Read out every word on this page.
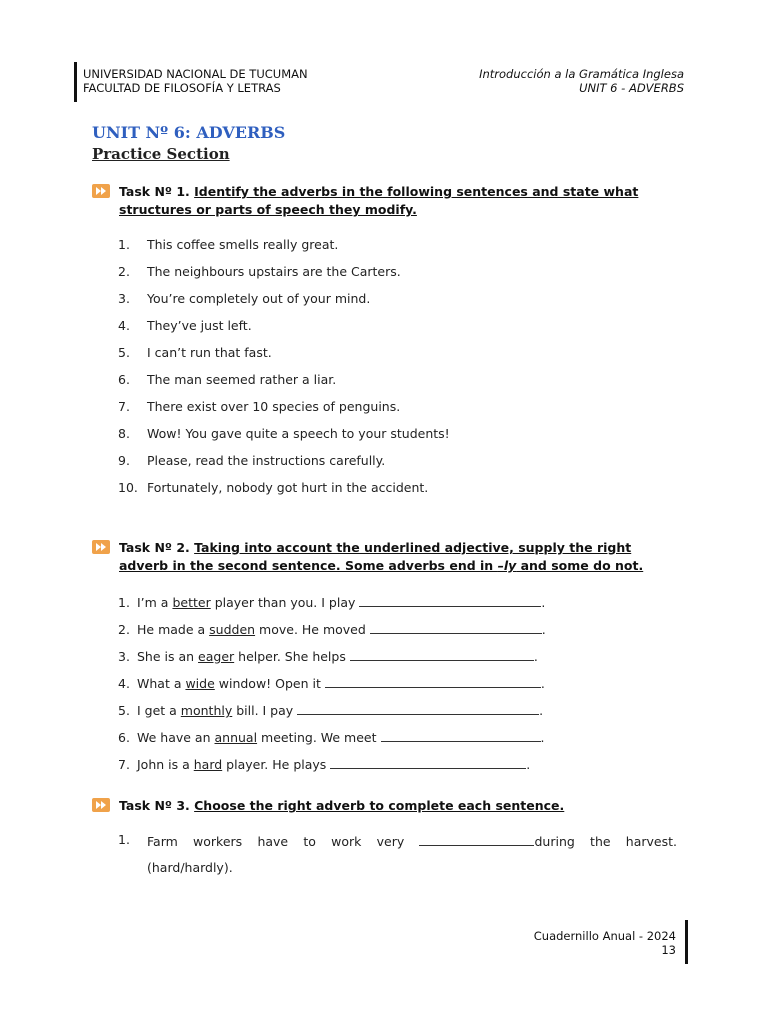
UNIVERSIDAD NACIONAL DE TUCUMAN
FACULTAD DE FILOSOFÍA Y LETRAS
Introducción a la Gramática Inglesa
UNIT 6 - ADVERBS
UNIT Nº 6: ADVERBS
Practice Section
Task Nº 1. Identify the adverbs in the following sentences and state what structures or parts of speech they modify.
1.	This coffee smells really great.
2.	The neighbours upstairs are the Carters.
3.	You’re completely out of your mind.
4.	They’ve just left.
5.	I can’t run that fast.
6.	The man seemed rather a liar.
7.	There exist over 10 species of penguins.
8.	Wow! You gave quite a speech to your students!
9.	Please, read the instructions carefully.
10. Fortunately, nobody got hurt in the accident.
Task Nº 2. Taking into account the underlined adjective, supply the right adverb in the second sentence. Some adverbs end in –ly and some do not.
1. I’m a better player than you. I play	.
2. He made a sudden move. He moved	.
3. She is an eager helper. She helps	.
4. What a wide window! Open it	.
5. I get a monthly bill. I pay	.
6. We have an annual meeting. We meet	.
7. John is a hard player. He plays	.
Task Nº 3. Choose the right adverb to complete each sentence.
1. Farm workers have to work very	during the harvest.
(hard/hardly).
Cuadernillo Anual - 2024
13
